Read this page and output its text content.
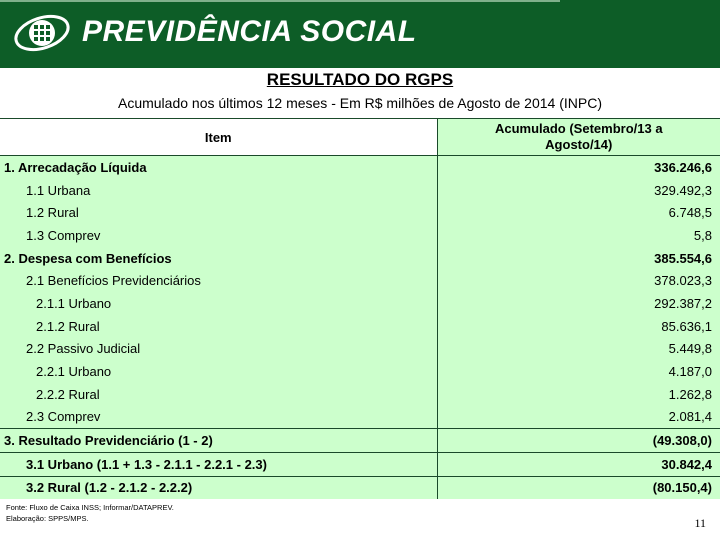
PREVIDÊNCIA SOCIAL
RESULTADO DO RGPS
Acumulado nos últimos 12 meses - Em R$ milhões de Agosto de 2014 (INPC)
Item	Acumulado (Setembro/13 a
Agosto/14)

1. Arrecadação Líquida	336.246,6
1.1 Urbana	329.492,3
1.2 Rural	6.748,5
1.3 Comprev	5,8
2. Despesa com Benefícios	385.554,6
2.1 Benefícios Previdenciários	378.023,3
2.1.1 Urbano	292.387,2
2.1.2 Rural	85.636,1
2.2 Passivo Judicial	5.449,8
2.2.1 Urbano	4.187,0
2.2.2 Rural	1.262,8
2.3 Comprev	2.081,4
3. Resultado Previdenciário (1 - 2)	(49.308,0)
3.1 Urbano (1.1 + 1.3 - 2.1.1 - 2.2.1 - 2.3)	30.842,4
3.2 Rural (1.2 - 2.1.2 - 2.2.2)	(80.150,4)
Fonte: Fluxo de Caixa INSS; Informar/DATAPREV.
Elaboração: SPPS/MPS.	11
